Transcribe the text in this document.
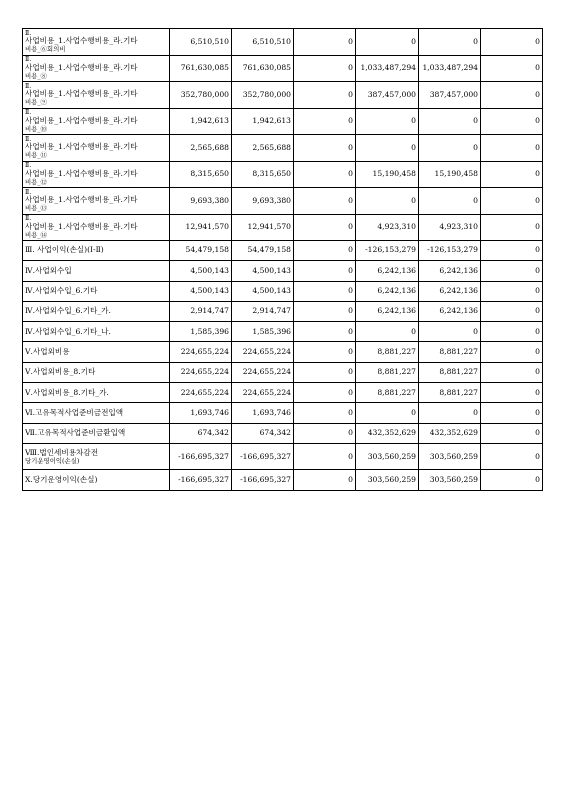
Ⅱ.
사업비용_1.사업수행비용_라.기타
비용_⑥회의비	6,510,510	6,510,510	0	0	0	0

Ⅱ.
사업비용_1.사업수행비용_라.기타
비용_⑧	761,630,085	761,630,085	0	1,033,487,294	1,033,487,294	0

Ⅱ.
사업비용_1.사업수행비용_라.기타
비용_⑨	352,780,000	352,780,000	0	387,457,000	387,457,000	0

Ⅱ.
사업비용_1.사업수행비용_라.기타
비용_⑩	1,942,613	1,942,613	0	0	0	0

Ⅱ.
사업비용_1.사업수행비용_라.기타
비용_⑪	2,565,688	2,565,688	0	0	0	0

Ⅱ.
사업비용_1.사업수행비용_라.기타
비용_⑫	8,315,650	8,315,650	0	15,190,458	15,190,458	0

Ⅱ.
사업비용_1.사업수행비용_라.기타
비용_⑬	9,693,380	9,693,380	0	0	0	0

Ⅱ.
사업비용_1.사업수행비용_라.기타
비용_⑭	12,941,570	12,941,570	0	4,923,310	4,923,310	0
Ⅲ. 사업이익(손실)(Ⅰ-Ⅱ)	54,479,158	54,479,158	0	-126,153,279	-126,153,279	0
Ⅳ.사업외수입	4,500,143	4,500,143	0	6,242,136	6,242,136	0
Ⅳ.사업외수입_6.기타	4,500,143	4,500,143	0	6,242,136	6,242,136	0
Ⅳ.사업외수입_6.기타_가.	2,914,747	2,914,747	0	6,242,136	6,242,136	0
Ⅳ.사업외수입_6.기타_나.	1,585,396	1,585,396	0	0	0	0
Ⅴ.사업외비용	224,655,224	224,655,224	0	8,881,227	8,881,227	0
Ⅴ.사업외비용_8.기타	224,655,224	224,655,224	0	8,881,227	8,881,227	0
Ⅴ.사업외비용_8.기타_가.	224,655,224	224,655,224	0	8,881,227	8,881,227	0
Ⅵ.고유목적사업준비금전입액	1,693,746	1,693,746	0	0	0	0
Ⅶ.고유목적사업준비금환입액	674,342	674,342	0	432,352,629	432,352,629	0

Ⅷ.법인세비용차감전
당기운영이익(손실)	-166,695,327	-166,695,327	0	303,560,259	303,560,259	0
Ⅹ.당기운영이익(손실)	-166,695,327	-166,695,327	0	303,560,259	303,560,259	0
